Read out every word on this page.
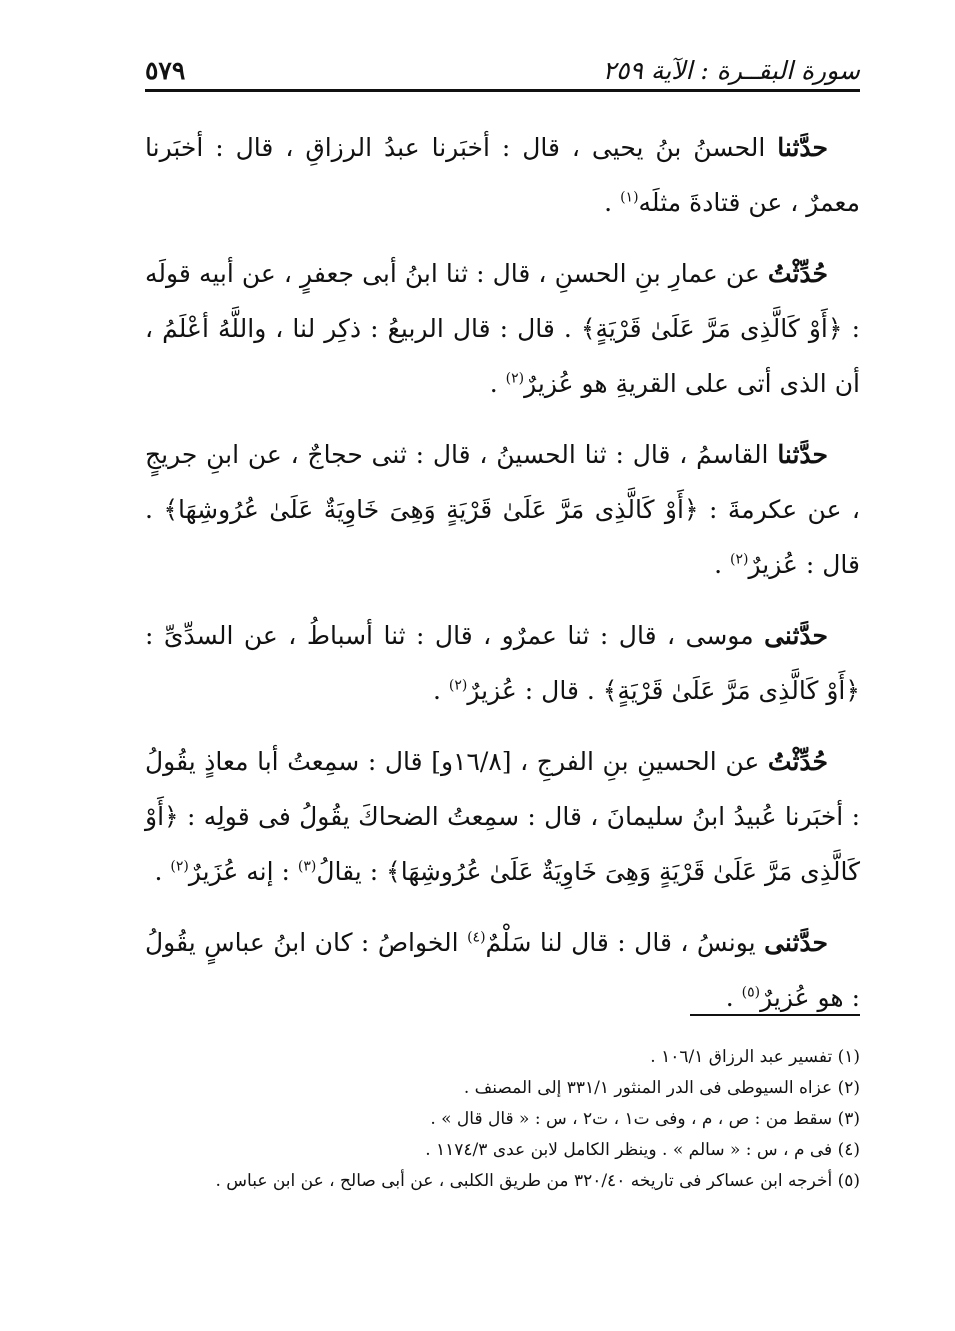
سورة البقــرة : الآية ٢٥٩
٥٧٩

حدَّثنا الحسنُ بنُ يحيى ، قال : أخبَرنا عبدُ الرزاقِ ، قال : أخبَرنا معمرٌ ، عن قتادةَ مثلَه$^{(١)}$ .

حُدِّثْتُ عن عمارِ بنِ الحسنِ ، قال : ثنا ابنُ أبى جعفرٍ ، عن أبيه قولَه : ﴿أَوْ كَالَّذِى مَرَّ عَلَىٰ قَرْيَةٍ﴾ . قال : قال الربيعُ : ذكِر لنا ، واللَّهُ أعْلَمُ ، أن الذى أتى على القريةِ هو عُزيرٌ$^{(٢)}$ .

حدَّثنا القاسمُ ، قال : ثنا الحسينُ ، قال : ثنى حجاجٌ ، عن ابنِ جريجٍ ، عن عكرمةَ : ﴿أَوْ كَالَّذِى مَرَّ عَلَىٰ قَرْيَةٍ وَهِىَ خَاوِيَةٌ عَلَىٰ عُرُوشِهَا﴾ . قال : عُزيرٌ$^{(٢)}$ .

حدَّثنى موسى ، قال : ثنا عمرٌو ، قال : ثنا أسباطُ ، عن السدِّىِّ : ﴿أَوْ كَالَّذِى مَرَّ عَلَىٰ قَرْيَةٍ﴾ . قال : عُزيرٌ$^{(٢)}$ .

حُدِّثْتُ عن الحسينِ بنِ الفرجِ ، [١٦/٨و] قال : سمِعتُ أبا معاذٍ يقُولُ : أخبَرنا عُبيدُ ابنُ سليمانَ ، قال : سمِعتُ الضحاكَ يقُولُ فى قولِه : ﴿أَوْ كَالَّذِى مَرَّ عَلَىٰ قَرْيَةٍ وَهِىَ خَاوِيَةٌ عَلَىٰ عُرُوشِهَا﴾ : يقالُ$^{(٣)}$ : إنه عُزَيرٌ$^{(٢)}$ .

حدَّثنى يونسُ ، قال : قال لنا سَلْمٌ$^{(٤)}$ الخواصُ : كان ابنُ عباسٍ يقُولُ : هو عُزيرٌ$^{(٥)}$ .

(١) تفسير عبد الرزاق ١٠٦/١ .

(٢) عزاه السيوطى فى الدر المنثور ٣٣١/١ إلى المصنف .

(٣) سقط من : ص ، م ، وفى ت١ ، ت٢ ، س : « قال قال » .

(٤) فى م ، س : « سالم » . وينظر الكامل لابن عدى ١١٧٤/٣ .

(٥) أخرجه ابن عساكر فى تاريخه ٣٢٠/٤٠ من طريق الكلبى ، عن أبى صالح ، عن ابن عباس .
